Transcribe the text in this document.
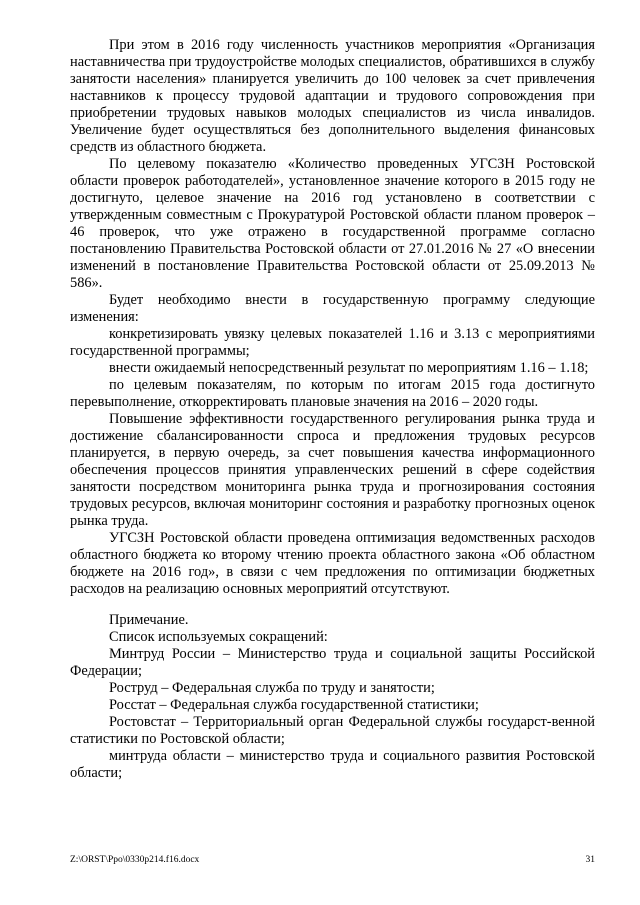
При этом в 2016 году численность участников мероприятия «Организация наставничества при трудоустройстве молодых специалистов, обратившихся в службу занятости населения» планируется увеличить до 100 человек за счет привлечения наставников к процессу трудовой адаптации и трудового сопровождения при приобретении трудовых навыков молодых специалистов из числа инвалидов. Увеличение будет осуществляться без дополнительного выделения финансовых средств из областного бюджета.

По целевому показателю «Количество проведенных УГСЗН Ростовской области проверок работодателей», установленное значение которого в 2015 году не достигнуто, целевое значение на 2016 год установлено в соответствии с утвержденным совместным с Прокуратурой Ростовской области планом проверок – 46 проверок, что уже отражено в государственной программе согласно постановлению Правительства Ростовской области от 27.01.2016 № 27 «О внесении изменений в постановление Правительства Ростовской области от 25.09.2013 № 586».

Будет необходимо внести в государственную программу следующие изменения:

конкретизировать увязку целевых показателей 1.16 и 3.13 с мероприятиями государственной программы;

внести ожидаемый непосредственный результат по мероприятиям 1.16 – 1.18;

по целевым показателям, по которым по итогам 2015 года достигнуто перевыполнение, откорректировать плановые значения на 2016 – 2020 годы.

Повышение эффективности государственного регулирования рынка труда и достижение сбалансированности спроса и предложения трудовых ресурсов планируется, в первую очередь, за счет повышения качества информационного обеспечения процессов принятия управленческих решений в сфере содействия занятости посредством мониторинга рынка труда и прогнозирования состояния трудовых ресурсов, включая мониторинг состояния и разработку прогнозных оценок рынка труда.

УГСЗН Ростовской области проведена оптимизация ведомственных расходов областного бюджета ко второму чтению проекта областного закона «Об областном бюджете на 2016 год», в связи с чем предложения по оптимизации бюджетных расходов на реализацию основных мероприятий отсутствуют.

Примечание.

Список используемых сокращений:

Минтруд России – Министерство труда и социальной защиты Российской Федерации;

Роструд – Федеральная служба по труду и занятости;

Росстат – Федеральная служба государственной статистики;

Ростовстат – Территориальный орган Федеральной службы государст-венной статистики по Ростовской области;

минтруда области – министерство труда и социального развития Ростовской области;

Z:\ORST\Ppo\0330p214.f16.docx	31
